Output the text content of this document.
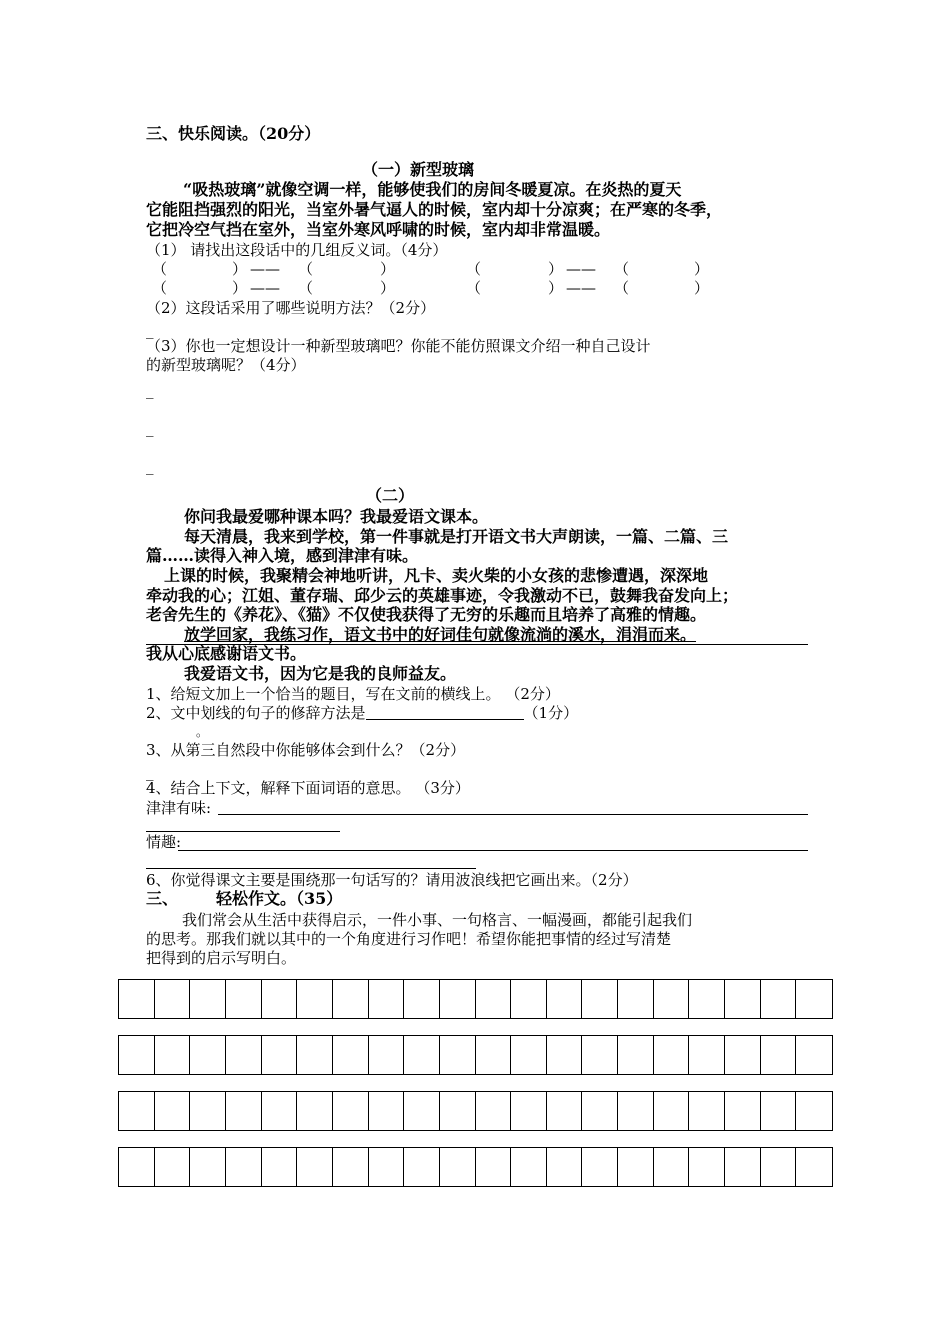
三、快乐阅读。（20分）
（一）新型玻璃
“吸热玻璃”就像空调一样，能够使我们的房间冬暖夏凉。在炎热的夏天
它能阻挡强烈的阳光，当室外暑气逼人的时候，室内却十分凉爽；在严寒的冬季，
它把冷空气挡在室外，当室外寒风呼啸的时候，室内却非常温暖。
（1） 请找出这段话中的几组反义词。（4分）
（	） —— （	）	（	） —— （	）
（	） —— （	）	（	） —— （	）
（2）这段话采用了哪些说明方法？（2分）
_
（3）你也一定想设计一种新型玻璃吧？你能不能仿照课文介绍一种自己设计
的新型玻璃呢？（4分）
_
_
_
（二）
你问我最爱哪种课本吗？我最爱语文课本。
每天清晨，我来到学校，第一件事就是打开语文书大声朗读，一篇、二篇、三
篇……读得入神入境，感到津津有味。
上课的时候，我聚精会神地听讲，凡卡、卖火柴的小女孩的悲惨遭遇，深深地
牵动我的心；江姐、董存瑞、邱少云的英雄事迹，令我激动不已，鼓舞我奋发向上；
老舍先生的《养花》、《猫》不仅使我获得了无穷的乐趣而且培养了高雅的情趣。
放学回家，我练习作，语文书中的好词佳句就像流淌的溪水，涓涓而来。
我从心底感谢语文书。
我爱语文书，因为它是我的良师益友。
1、给短文加上一个恰当的题目，写在文前的横线上。 （2分）
2、文中划线的句子的修辞方法是	（1分）
。
3、从第三自然段中你能够体会到什么？（2分）
_
4、结合上下文，解释下面词语的意思。 （3分）
津津有味:
情趣:
6、你觉得课文主要是围绕那一句话写的？请用波浪线把它画出来。（2分）
三、 轻松作文。（35）
我们常会从生活中获得启示，一件小事、一句格言、一幅漫画，都能引起我们
的思考。那我们就以其中的一个角度进行习作吧！希望你能把事情的经过写清楚
把得到的启示写明白。
